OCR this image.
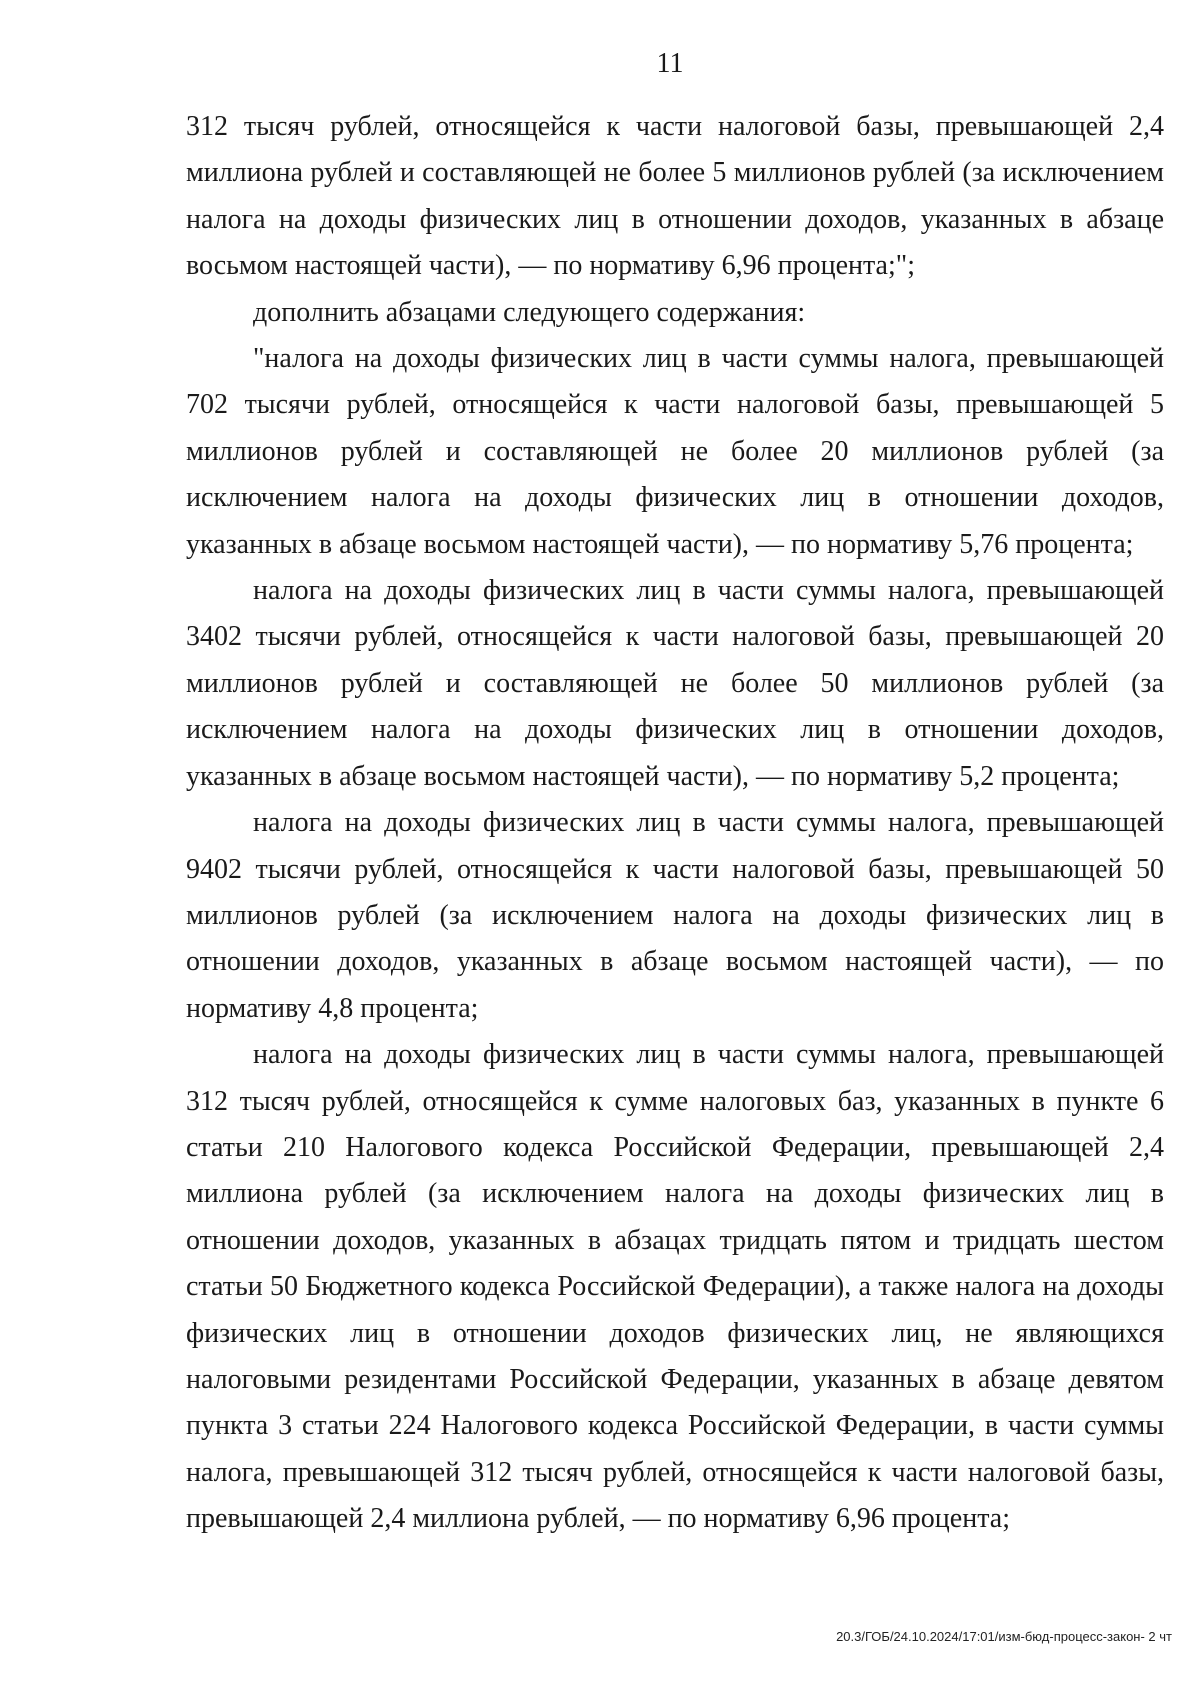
11

312 тысяч рублей, относящейся к части налоговой базы, превышающей 2,4 миллиона рублей и составляющей не более 5 миллионов рублей (за исключением налога на доходы физических лиц в отношении доходов, указанных в абзаце восьмом настоящей части), — по нормативу 6,96 процента;";

дополнить абзацами следующего содержания:

"налога на доходы физических лиц в части суммы налога, превышающей 702 тысячи рублей, относящейся к части налоговой базы, превышающей 5 миллионов рублей и составляющей не более 20 миллионов рублей (за исключением налога на доходы физических лиц в отношении доходов, указанных в абзаце восьмом настоящей части), — по нормативу 5,76 процента;

налога на доходы физических лиц в части суммы налога, превышающей 3402 тысячи рублей, относящейся к части налоговой базы, превышающей 20 миллионов рублей и составляющей не более 50 миллионов рублей (за исключением налога на доходы физических лиц в отношении доходов, указанных в абзаце восьмом настоящей части), — по нормативу 5,2 процента;

налога на доходы физических лиц в части суммы налога, превышающей 9402 тысячи рублей, относящейся к части налоговой базы, превышающей 50 миллионов рублей (за исключением налога на доходы физических лиц в отношении доходов, указанных в абзаце восьмом настоящей части), — по нормативу 4,8 процента;

налога на доходы физических лиц в части суммы налога, превышающей 312 тысяч рублей, относящейся к сумме налоговых баз, указанных в пункте 6 статьи 210 Налогового кодекса Российской Федерации, превышающей 2,4 миллиона рублей (за исключением налога на доходы физических лиц в отношении доходов, указанных в абзацах тридцать пятом и тридцать шестом статьи 50 Бюджетного кодекса Российской Федерации), а также налога на доходы физических лиц в отношении доходов физических лиц, не являющихся налоговыми резидентами Российской Федерации, указанных в абзаце девятом пункта 3 статьи 224 Налогового кодекса Российской Федерации, в части суммы налога, превышающей 312 тысяч рублей, относящейся к части налоговой базы, превышающей 2,4 миллиона рублей, — по нормативу 6,96 процента;

20.3/ГОБ/24.10.2024/17:01/изм-бюд-процесс-закон- 2 чт
